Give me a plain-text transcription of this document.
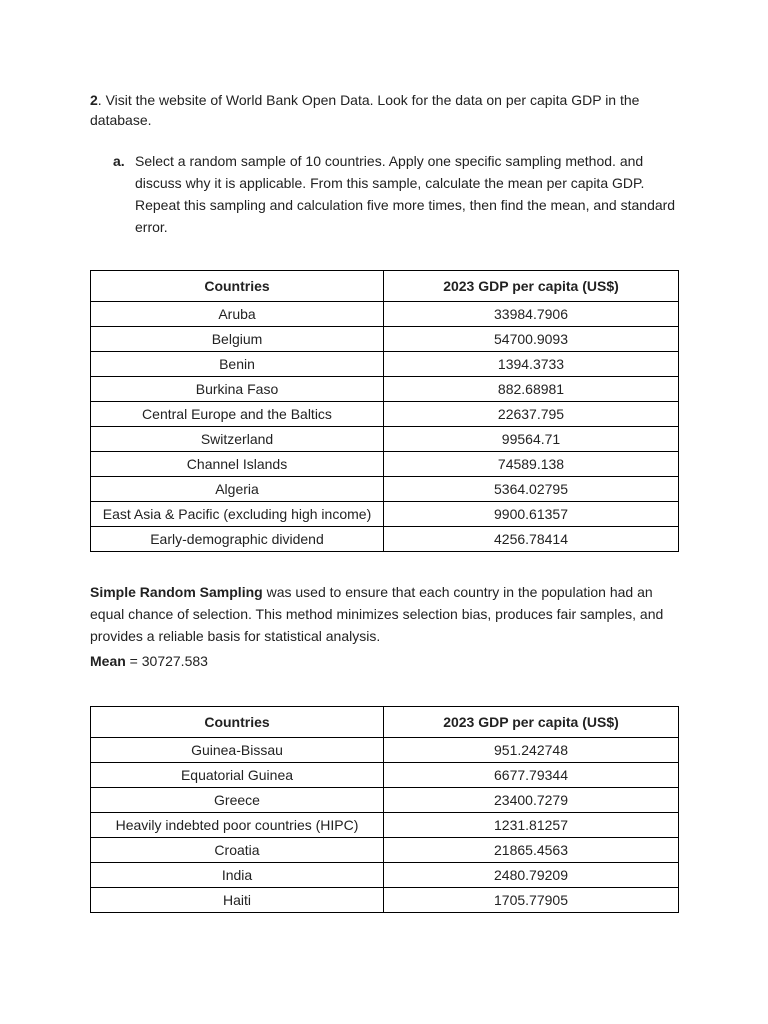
2. Visit the website of World Bank Open Data. Look for the data on per capita GDP in the database.
a. Select a random sample of 10 countries. Apply one specific sampling method. and discuss why it is applicable. From this sample, calculate the mean per capita GDP. Repeat this sampling and calculation five more times, then find the mean, and standard error.
Countries	2023 GDP per capita (US$)
Aruba	33984.7906
Belgium	54700.9093
Benin	1394.3733
Burkina Faso	882.68981
Central Europe and the Baltics	22637.795
Switzerland	99564.71
Channel Islands	74589.138
Algeria	5364.02795
East Asia & Pacific (excluding high income)	9900.61357
Early-demographic dividend	4256.78414
Simple Random Sampling was used to ensure that each country in the population had an equal chance of selection. This method minimizes selection bias, produces fair samples, and provides a reliable basis for statistical analysis.
Mean = 30727.583
Countries	2023 GDP per capita (US$)
Guinea-Bissau	951.242748
Equatorial Guinea	6677.79344
Greece	23400.7279
Heavily indebted poor countries (HIPC)	1231.81257
Croatia	21865.4563
India	2480.79209
Haiti	1705.77905
